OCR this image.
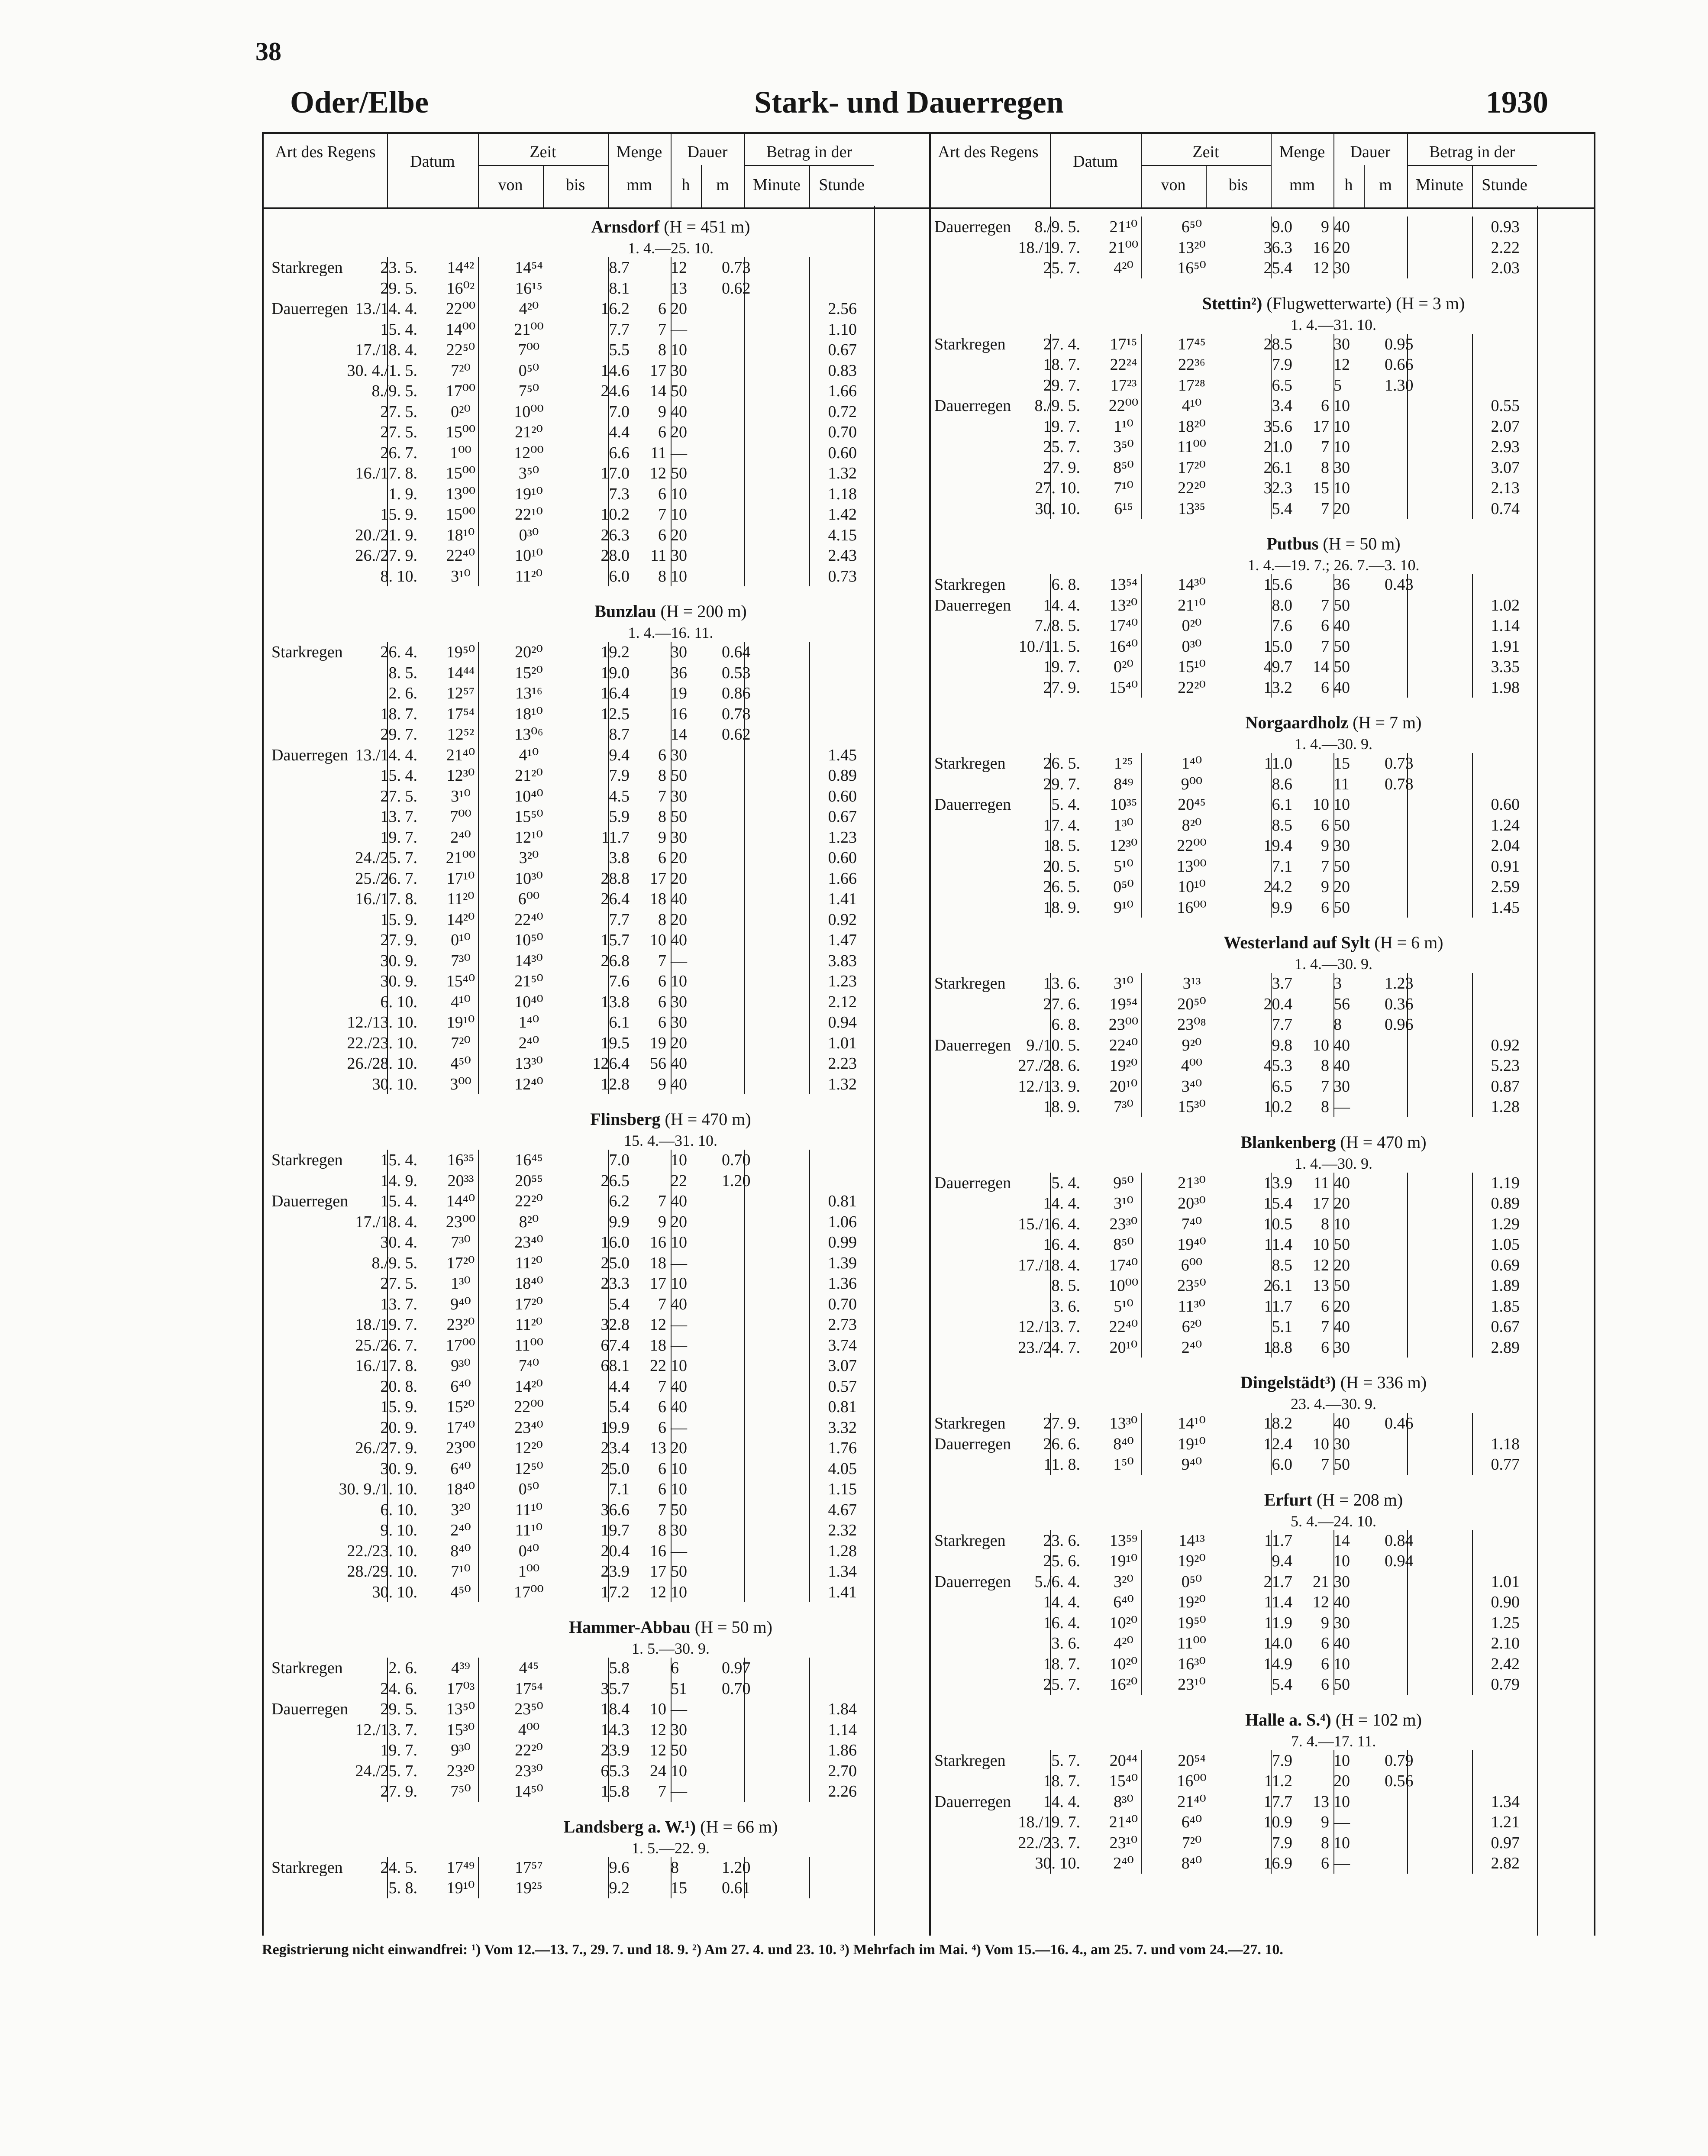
38
Oder/Elbe	Stark- und Dauerregen	1930
Art des Regens
Datum
Zeit
von	bis
Menge
mm
Dauer
h	m
Betrag in der
Minute	Stunde
Arnsdorf (H = 451 m)
1. 4.—25. 10.
Starkregen	23. 5.	14⁴²	14⁵⁴	8.7	12	0.73
29. 5.	16⁰²	16¹⁵	8.1	13	0.62
Dauerregen 13./14. 4.	22⁰⁰	4²⁰	16.2	6 20	2.56
15. 4.	14⁰⁰	21⁰⁰	7.7	7 —	1.10
17./18. 4.	22⁵⁰	7⁰⁰	5.5	8 10	0.67
30. 4./1. 5.	7²⁰	0⁵⁰	14.6	17 30	0.83
8./9. 5.	17⁰⁰	7⁵⁰	24.6	14 50	1.66
27. 5.	0²⁰	10⁰⁰	7.0	9 40	0.72
27. 5.	15⁰⁰	21²⁰	4.4	6 20	0.70
26. 7.	1⁰⁰	12⁰⁰	6.6	11 —	0.60
16./17. 8.	15⁰⁰	3⁵⁰	17.0	12 50	1.32
1. 9.	13⁰⁰	19¹⁰	7.3	6 10	1.18
15. 9.	15⁰⁰	22¹⁰	10.2	7 10	1.42
20./21. 9.	18¹⁰	0³⁰	26.3	6 20	4.15
26./27. 9.	22⁴⁰	10¹⁰	28.0	11 30	2.43
8. 10.	3¹⁰	11²⁰	6.0	8 10	0.73
Bunzlau (H = 200 m)
1. 4.—16. 11.
Starkregen	26. 4.	19⁵⁰	20²⁰	19.2	30	0.64
8. 5.	14⁴⁴	15²⁰	19.0	36	0.53
2. 6.	12⁵⁷	13¹⁶	16.4	19	0.86
18. 7.	17⁵⁴	18¹⁰	12.5	16	0.78
29. 7.	12⁵²	13⁰⁶	8.7	14	0.62
Dauerregen 13./14. 4.	21⁴⁰	4¹⁰	9.4	6 30	1.45
15. 4.	12³⁰	21²⁰	7.9	8 50	0.89
27. 5.	3¹⁰	10⁴⁰	4.5	7 30	0.60
13. 7.	7⁰⁰	15⁵⁰	5.9	8 50	0.67
19. 7.	2⁴⁰	12¹⁰	11.7	9 30	1.23
24./25. 7.	21⁰⁰	3²⁰	3.8	6 20	0.60
25./26. 7.	17¹⁰	10³⁰	28.8	17 20	1.66
16./17. 8.	11²⁰	6⁰⁰	26.4	18 40	1.41
15. 9.	14²⁰	22⁴⁰	7.7	8 20	0.92
27. 9.	0¹⁰	10⁵⁰	15.7	10 40	1.47
30. 9.	7³⁰	14³⁰	26.8	7 —	3.83
30. 9.	15⁴⁰	21⁵⁰	7.6	6 10	1.23
6. 10.	4¹⁰	10⁴⁰	13.8	6 30	2.12
12./13. 10.	19¹⁰	1⁴⁰	6.1	6 30	0.94
22./23. 10.	7²⁰	2⁴⁰	19.5	19 20	1.01
26./28. 10.	4⁵⁰	13³⁰	126.4	56 40	2.23
30. 10.	3⁰⁰	12⁴⁰	12.8	9 40	1.32
Flinsberg (H = 470 m)
15. 4.—31. 10.
Starkregen	15. 4.	16³⁵	16⁴⁵	7.0	10	0.70
14. 9.	20³³	20⁵⁵	26.5	22	1.20
Dauerregen	15. 4.	14⁴⁰	22²⁰	6.2	7 40	0.81
17./18. 4.	23⁰⁰	8²⁰	9.9	9 20	1.06
30. 4.	7³⁰	23⁴⁰	16.0	16 10	0.99
8./9. 5.	17²⁰	11²⁰	25.0	18 —	1.39
27. 5.	1³⁰	18⁴⁰	23.3	17 10	1.36
13. 7.	9⁴⁰	17²⁰	5.4	7 40	0.70
18./19. 7.	23²⁰	11²⁰	32.8	12 —	2.73
25./26. 7.	17⁰⁰	11⁰⁰	67.4	18 —	3.74
16./17. 8.	9³⁰	7⁴⁰	68.1	22 10	3.07
20. 8.	6⁴⁰	14²⁰	4.4	7 40	0.57
15. 9.	15²⁰	22⁰⁰	5.4	6 40	0.81
20. 9.	17⁴⁰	23⁴⁰	19.9	6 —	3.32
26./27. 9.	23⁰⁰	12²⁰	23.4	13 20	1.76
30. 9.	6⁴⁰	12⁵⁰	25.0	6 10	4.05
30. 9./1. 10.	18⁴⁰	0⁵⁰	7.1	6 10	1.15
6. 10.	3²⁰	11¹⁰	36.6	7 50	4.67
9. 10.	2⁴⁰	11¹⁰	19.7	8 30	2.32
22./23. 10.	8⁴⁰	0⁴⁰	20.4	16 —	1.28
28./29. 10.	7¹⁰	1⁰⁰	23.9	17 50	1.34
30. 10.	4⁵⁰	17⁰⁰	17.2	12 10	1.41
Hammer-Abbau (H = 50 m)
1. 5.—30. 9.
Starkregen	2. 6.	4³⁹	4⁴⁵	5.8	6	0.97
24. 6.	17⁰³	17⁵⁴	35.7	51	0.70
Dauerregen	29. 5.	13⁵⁰	23⁵⁰	18.4	10 —	1.84
12./13. 7.	15³⁰	4⁰⁰	14.3	12 30	1.14
19. 7.	9³⁰	22²⁰	23.9	12 50	1.86
24./25. 7.	23²⁰	23³⁰	65.3	24 10	2.70
27. 9.	7⁵⁰	14⁵⁰	15.8	7 —	2.26
Landsberg a. W.¹) (H = 66 m)
1. 5.—22. 9.
Starkregen	24. 5.	17⁴⁹	17⁵⁷	9.6	8	1.20
5. 8.	19¹⁰	19²⁵	9.2	15	0.61
Art des Regens
Datum
Zeit
von	bis
Menge
mm
Dauer
h	m
Betrag in der
Minute	Stunde
Dauerregen	8./9. 5.	21¹⁰	6⁵⁰	9.0	9 40	0.93
18./19. 7.	21⁰⁰	13²⁰	36.3	16 20	2.22
25. 7.	4²⁰	16⁵⁰	25.4	12 30	2.03
Stettin²) (Flugwetterwarte) (H = 3 m)
1. 4.—31. 10.
Starkregen	27. 4.	17¹⁵	17⁴⁵	28.5	30	0.95
18. 7.	22²⁴	22³⁶	7.9	12	0.66
29. 7.	17²³	17²⁸	6.5	5	1.30
Dauerregen	8./9. 5.	22⁰⁰	4¹⁰	3.4	6 10	0.55
19. 7.	1¹⁰	18²⁰	35.6	17 10	2.07
25. 7.	3⁵⁰	11⁰⁰	21.0	7 10	2.93
27. 9.	8⁵⁰	17²⁰	26.1	8 30	3.07
27. 10.	7¹⁰	22²⁰	32.3	15 10	2.13
30. 10.	6¹⁵	13³⁵	5.4	7 20	0.74
Putbus (H = 50 m)
1. 4.—19. 7.; 26. 7.—3. 10.
Starkregen	6. 8.	13⁵⁴	14³⁰	15.6	36	0.43
Dauerregen	14. 4.	13²⁰	21¹⁰	8.0	7 50	1.02
7./8. 5.	17⁴⁰	0²⁰	7.6	6 40	1.14
10./11. 5.	16⁴⁰	0³⁰	15.0	7 50	1.91
19. 7.	0²⁰	15¹⁰	49.7	14 50	3.35
27. 9.	15⁴⁰	22²⁰	13.2	6 40	1.98
Norgaardholz (H = 7 m)
1. 4.—30. 9.
Starkregen	26. 5.	1²⁵	1⁴⁰	11.0	15	0.73
29. 7.	8⁴⁹	9⁰⁰	8.6	11	0.78
Dauerregen	5. 4.	10³⁵	20⁴⁵	6.1	10 10	0.60
17. 4.	1³⁰	8²⁰	8.5	6 50	1.24
18. 5.	12³⁰	22⁰⁰	19.4	9 30	2.04
20. 5.	5¹⁰	13⁰⁰	7.1	7 50	0.91
26. 5.	0⁵⁰	10¹⁰	24.2	9 20	2.59
18. 9.	9¹⁰	16⁰⁰	9.9	6 50	1.45
Westerland auf Sylt (H = 6 m)
1. 4.—30. 9.
Starkregen	13. 6.	3¹⁰	3¹³	3.7	3	1.23
27. 6.	19⁵⁴	20⁵⁰	20.4	56	0.36
6. 8.	23⁰⁰	23⁰⁸	7.7	8	0.96
Dauerregen 9./10. 5.	22⁴⁰	9²⁰	9.8	10 40	0.92
27./28. 6.	19²⁰	4⁰⁰	45.3	8 40	5.23
12./13. 9.	20¹⁰	3⁴⁰	6.5	7 30	0.87
18. 9.	7³⁰	15³⁰	10.2	8 —	1.28
Blankenberg (H = 470 m)
1. 4.—30. 9.
Dauerregen	5. 4.	9⁵⁰	21³⁰	13.9	11 40	1.19
14. 4.	3¹⁰	20³⁰	15.4	17 20	0.89
15./16. 4.	23³⁰	7⁴⁰	10.5	8 10	1.29
16. 4.	8⁵⁰	19⁴⁰	11.4	10 50	1.05
17./18. 4.	17⁴⁰	6⁰⁰	8.5	12 20	0.69
8. 5.	10⁰⁰	23⁵⁰	26.1	13 50	1.89
3. 6.	5¹⁰	11³⁰	11.7	6 20	1.85
12./13. 7.	22⁴⁰	6²⁰	5.1	7 40	0.67
23./24. 7.	20¹⁰	2⁴⁰	18.8	6 30	2.89
Dingelstädt³) (H = 336 m)
23. 4.—30. 9.
Starkregen	27. 9.	13³⁰	14¹⁰	18.2	40	0.46
Dauerregen	26. 6.	8⁴⁰	19¹⁰	12.4	10 30	1.18
11. 8.	1⁵⁰	9⁴⁰	6.0	7 50	0.77
Erfurt (H = 208 m)
5. 4.—24. 10.
Starkregen	23. 6.	13⁵⁹	14¹³	11.7	14	0.84
25. 6.	19¹⁰	19²⁰	9.4	10	0.94
Dauerregen	5./6. 4.	3²⁰	0⁵⁰	21.7	21 30	1.01
14. 4.	6⁴⁰	19²⁰	11.4	12 40	0.90
16. 4.	10²⁰	19⁵⁰	11.9	9 30	1.25
3. 6.	4²⁰	11⁰⁰	14.0	6 40	2.10
18. 7.	10²⁰	16³⁰	14.9	6 10	2.42
25. 7.	16²⁰	23¹⁰	5.4	6 50	0.79
Halle a. S.⁴) (H = 102 m)
7. 4.—17. 11.
Starkregen	5. 7.	20⁴⁴	20⁵⁴	7.9	10	0.79
18. 7.	15⁴⁰	16⁰⁰	11.2	20	0.56
Dauerregen	14. 4.	8³⁰	21⁴⁰	17.7	13 10	1.34
18./19. 7.	21⁴⁰	6⁴⁰	10.9	9 —	1.21
22./23. 7.	23¹⁰	7²⁰	7.9	8 10	0.97
30. 10.	2⁴⁰	8⁴⁰	16.9	6 —	2.82
Registrierung nicht einwandfrei: ¹) Vom 12.—13. 7., 29. 7. und 18. 9. ²) Am 27. 4. und 23. 10. ³) Mehrfach im Mai. ⁴) Vom 15.—16. 4., am 25. 7. und vom 24.—27. 10.
